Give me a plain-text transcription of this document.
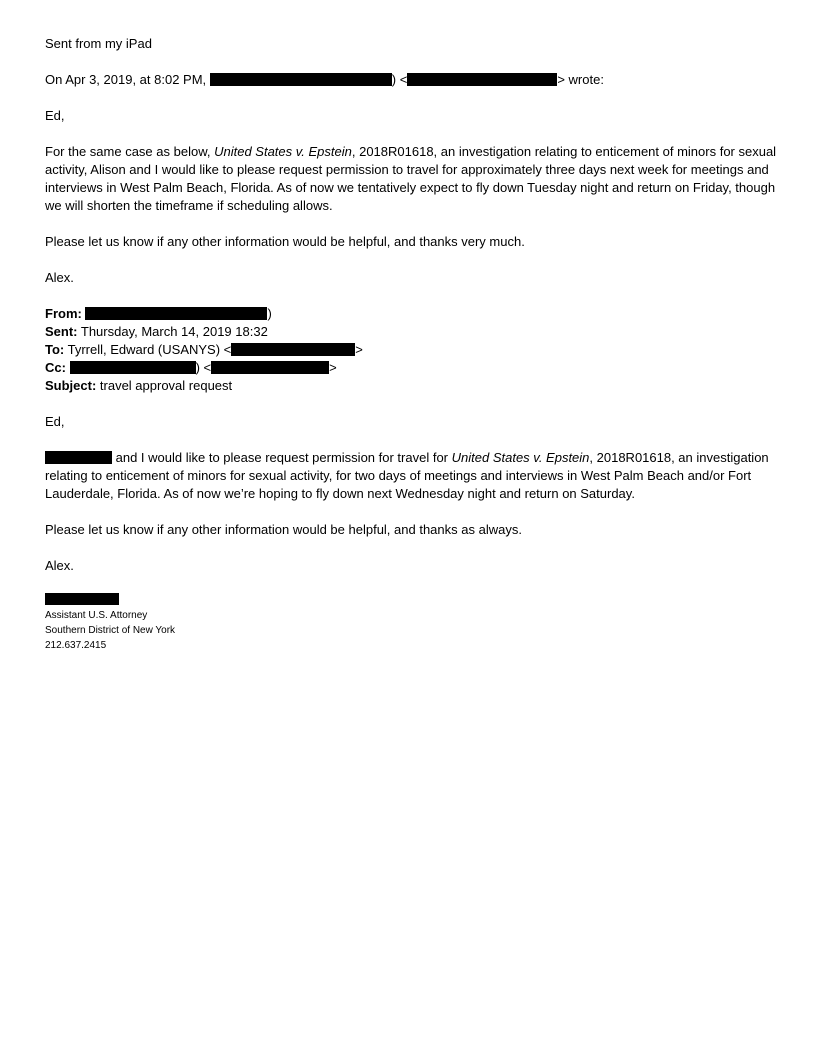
Sent from my iPad

On Apr 3, 2019, at 8:02 PM,	) <	> wrote:

Ed,

For the same case as below, United States v. Epstein, 2018R01618, an investigation relating to enticement of minors for sexual activity, Alison and I would like to please request permission to travel for approximately three days next week for meetings and interviews in West Palm Beach, Florida. As of now we tentatively expect to fly down Tuesday night and return on Friday, though we will shorten the timeframe if scheduling allows.

Please let us know if any other information would be helpful, and thanks very much.

Alex.

From:	)

Sent: Thursday, March 14, 2019 18:32

To: Tyrrell, Edward (USANYS) <	>

Cc:	) <	>

Subject: travel approval request

Ed,

and I would like to please request permission for travel for United States v. Epstein, 2018R01618, an investigation relating to enticement of minors for sexual activity, for two days of meetings and interviews in West Palm Beach and/or Fort Lauderdale, Florida. As of now we’re hoping to fly down next Wednesday night and return on Saturday.

Please let us know if any other information would be helpful, and thanks as always.

Alex.

Assistant U.S. Attorney
Southern District of New York
212.637.2415
